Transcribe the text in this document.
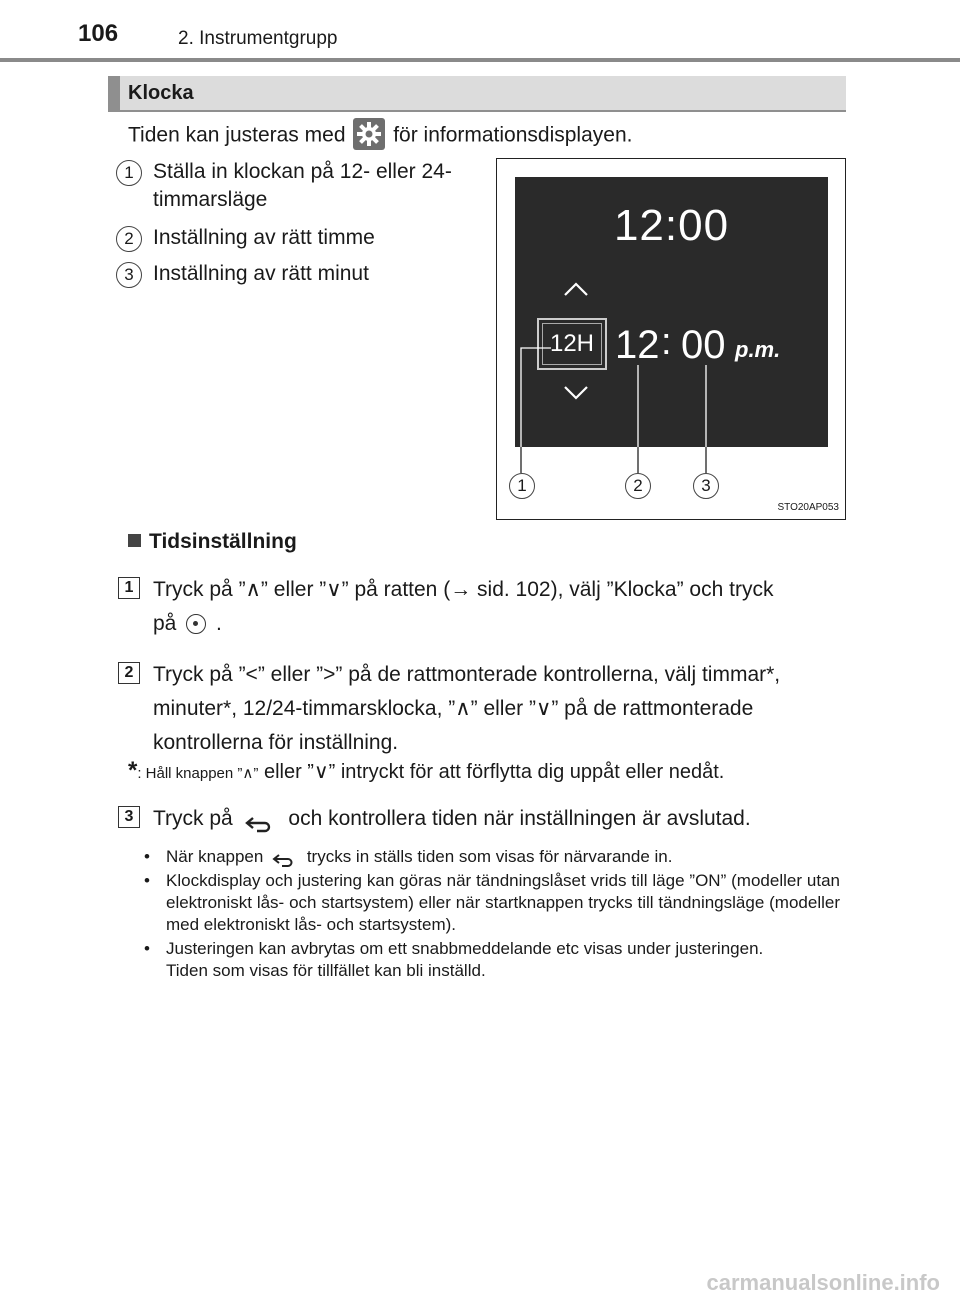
106	2. Instrumentgrupp
Klocka
Tiden kan justeras med för informationsdisplayen.
1 Ställa in klockan på 12- eller 24-
timmarsläge
2 Inställning av rätt timme
3 Inställning av rätt minut
12:00
12H 12 : 00 p.m.
1	2	3
STO20AP053
Tidsinställning
1 Tryck på ”∧” eller ”∨” på ratten (→ sid. 102), välj ”Klocka” och tryck
på .
2 Tryck på ”<” eller ”>” på de rattmonterade kontrollerna, välj timmar*,
minuter*, 12/24-timmarsklocka, ”∧” eller ”∨” på de rattmonterade
kontrollerna för inställning.
*: Håll knappen ”∧” eller ”∨” intryckt för att förflytta dig uppåt eller nedåt.
3 Tryck på	och kontrollera tiden när inställningen är avslutad.
• När knappen	trycks in ställs tiden som visas för närvarande in.
• Klockdisplay och justering kan göras när tändningslåset vrids till läge ”ON” (modeller utan elektroniskt lås- och startsystem) eller när startknappen trycks till tändningsläge (modeller med elektroniskt lås- och startsystem).
• Justeringen kan avbrytas om ett snabbmeddelande etc visas under justeringen.
Tiden som visas för tillfället kan bli inställd.
carmanualsonline.info
